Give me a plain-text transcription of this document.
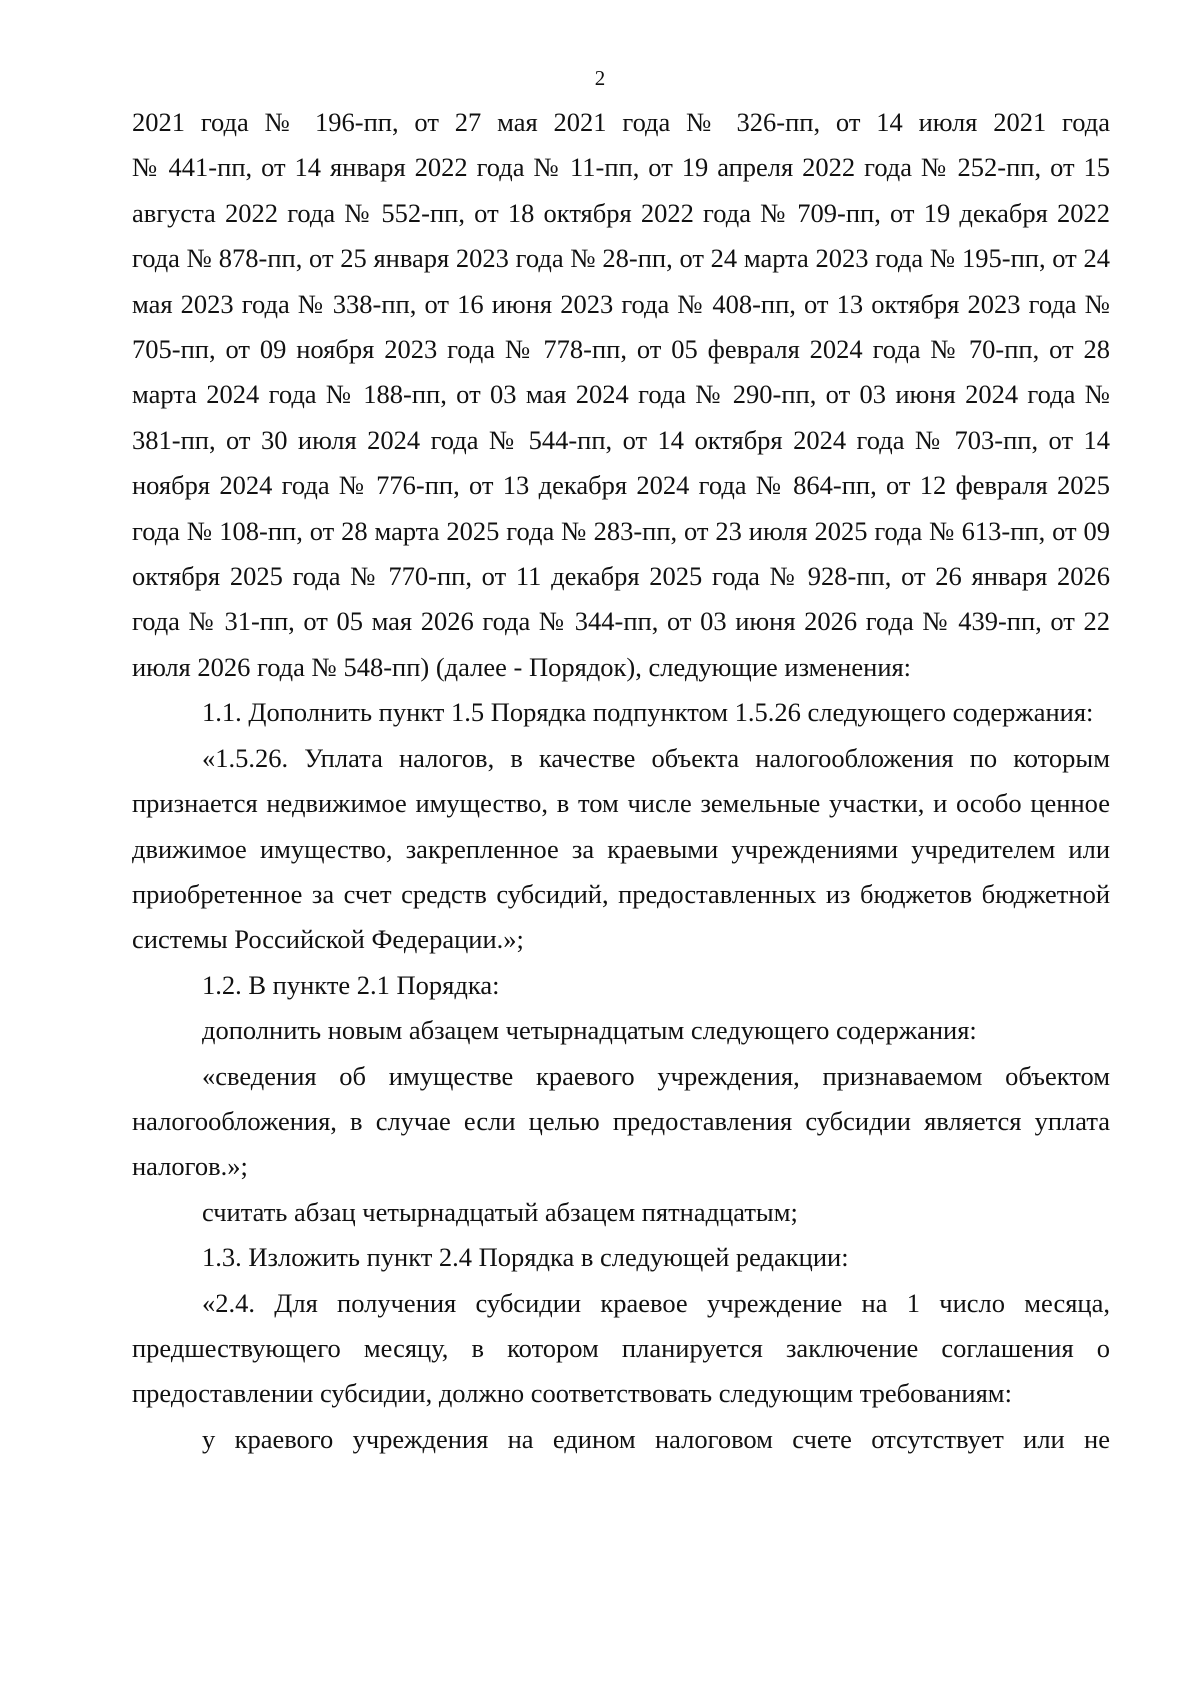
2

2021 года № 196-пп, от 27 мая 2021 года № 326-пп, от 14 июля 2021 года

№ 441-пп, от 14 января 2022 года № 11-пп, от 19 апреля 2022 года № 252-пп, от 15 августа 2022 года № 552-пп, от 18 октября 2022 года № 709-пп, от 19 декабря 2022 года № 878-пп, от 25 января 2023 года № 28-пп, от 24 марта 2023 года № 195-пп, от 24 мая 2023 года № 338-пп, от 16 июня 2023 года № 408-пп, от 13 октября 2023 года № 705-пп, от 09 ноября 2023 года № 778-пп, от 05 февраля 2024 года № 70-пп, от 28 марта 2024 года № 188-пп, от 03 мая 2024 года № 290-пп, от 03 июня 2024 года № 381-пп, от 30 июля 2024 года № 544-пп, от 14 октября 2024 года № 703-пп, от 14 ноября 2024 года № 776-пп, от 13 декабря 2024 года № 864-пп, от 12 февраля 2025 года № 108-пп, от 28 марта 2025 года № 283-пп, от 23 июля 2025 года № 613-пп, от 09 октября 2025 года № 770-пп, от 11 декабря 2025 года № 928-пп, от 26 января 2026 года № 31-пп, от 05 мая 2026 года № 344-пп, от 03 июня 2026 года № 439-пп, от 22 июля 2026 года № 548-пп) (далее - Порядок), следующие изменения:

1.1. Дополнить пункт 1.5 Порядка подпунктом 1.5.26 следующего содержания:

«1.5.26. Уплата налогов, в качестве объекта налогообложения по которым признается недвижимое имущество, в том числе земельные участки, и особо ценное движимое имущество, закрепленное за краевыми учреждениями учредителем или приобретенное за счет средств субсидий, предоставленных из бюджетов бюджетной системы Российской Федерации.»;

1.2. В пункте 2.1 Порядка:

дополнить новым абзацем четырнадцатым следующего содержания:

«сведения об имуществе краевого учреждения, признаваемом объектом налогообложения, в случае если целью предоставления субсидии является уплата налогов.»;

считать абзац четырнадцатый абзацем пятнадцатым;

1.3. Изложить пункт 2.4 Порядка в следующей редакции:

«2.4. Для получения субсидии краевое учреждение на 1 число месяца, предшествующего месяцу, в котором планируется заключение соглашения о предоставлении субсидии, должно соответствовать следующим требованиям:

у краевого учреждения на едином налоговом счете отсутствует или не
